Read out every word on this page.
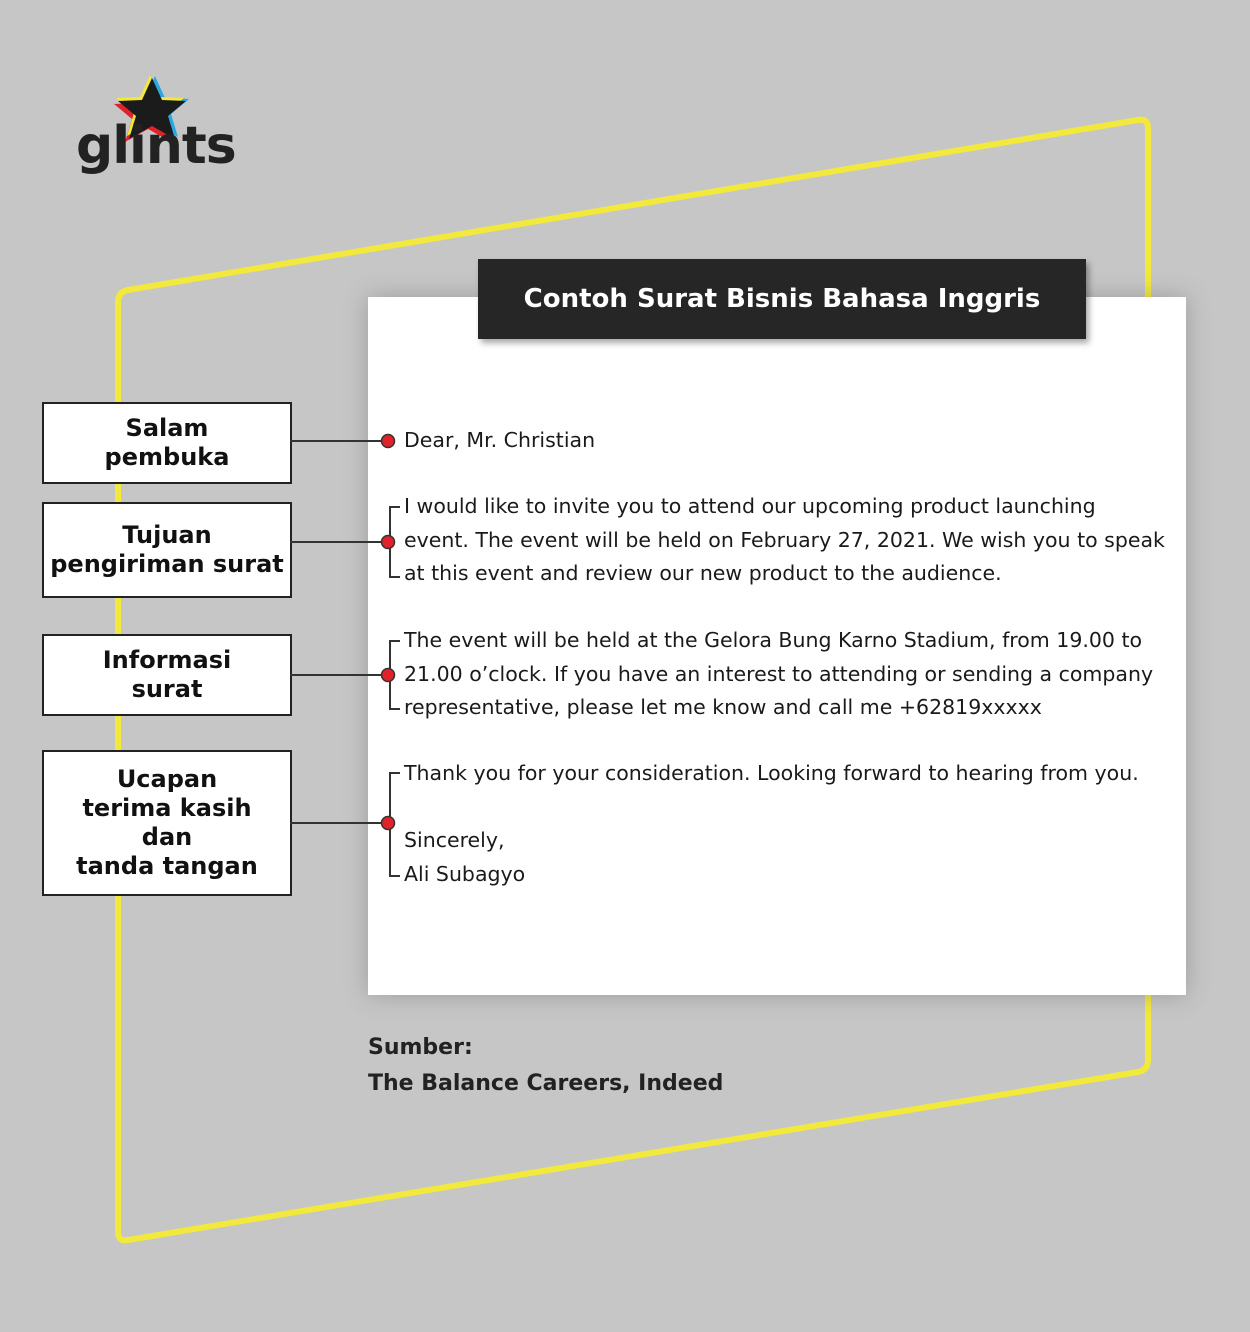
glints
Contoh Surat Bisnis Bahasa Inggris
Salam
pembuka
Tujuan
pengiriman surat
Informasi
surat
Ucapan
terima kasih
dan
tanda tangan
Dear, Mr. Christian
I would like to invite you to attend our upcoming product launching
event. The event will be held on February 27, 2021. We wish you to speak
at this event and review our new product to the audience.
The event will be held at the Gelora Bung Karno Stadium, from 19.00 to
21.00 o’clock. If you have an interest to attending or sending a company
representative, please let me know and call me +62819xxxxx
Thank you for your consideration. Looking forward to hearing from you.
Sincerely,
Ali Subagyo
Sumber:
The Balance Careers, Indeed
